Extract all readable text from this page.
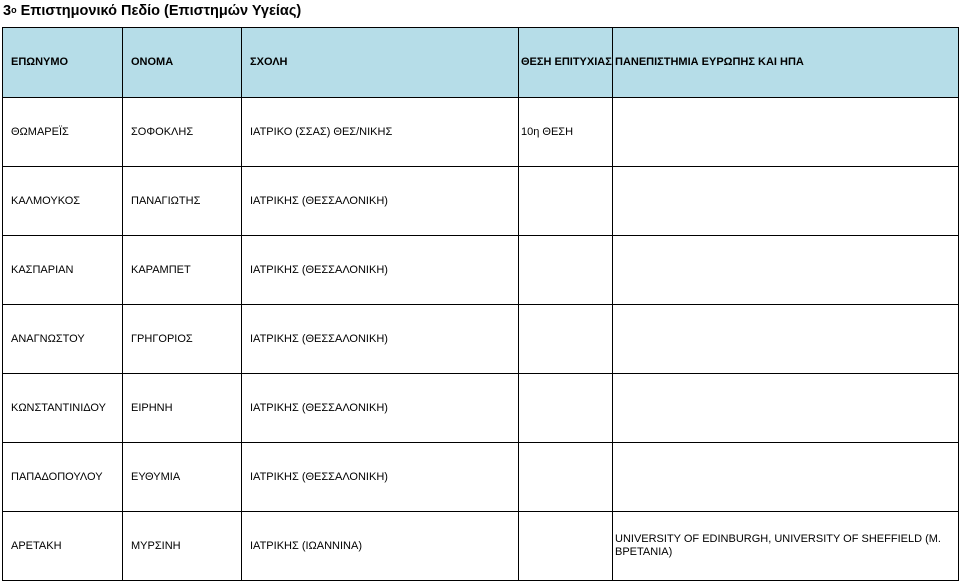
$3^o$ Επιστημονικό Πεδίο (Επιστημών Υγείας)
ΕΠΩΝΥΜΟ	ΟΝΟΜΑ	ΣΧΟΛΗ	ΘΕΣΗ ΕΠΙΤΥΧΙΑΣ	ΠΑΝΕΠΙΣΤΗΜΙΑ ΕΥΡΩΠΗΣ ΚΑΙ ΗΠΑ
ΘΩΜΑΡΕΪΣ	ΣΟΦΟΚΛΗΣ	ΙΑΤΡΙΚΟ (ΣΣΑΣ) ΘΕΣ/ΝΙΚΗΣ	10η ΘΕΣΗ	
ΚΑΛΜΟΥΚΟΣ	ΠΑΝΑΓΙΩΤΗΣ	ΙΑΤΡΙΚΗΣ (ΘΕΣΣΑΛΟΝΙΚΗ)		
ΚΑΣΠΑΡΙΑΝ	ΚΑΡΑΜΠΕΤ	ΙΑΤΡΙΚΗΣ (ΘΕΣΣΑΛΟΝΙΚΗ)		
ΑΝΑΓΝΩΣΤΟΥ	ΓΡΗΓΟΡΙΟΣ	ΙΑΤΡΙΚΗΣ (ΘΕΣΣΑΛΟΝΙΚΗ)		
ΚΩΝΣΤΑΝΤΙΝΙΔΟΥ	ΕΙΡΗΝΗ	ΙΑΤΡΙΚΗΣ (ΘΕΣΣΑΛΟΝΙΚΗ)		
ΠΑΠΑΔΟΠΟΥΛΟΥ	ΕΥΘΥΜΙΑ	ΙΑΤΡΙΚΗΣ (ΘΕΣΣΑΛΟΝΙΚΗ)		
ΑΡΕΤΑΚΗ	ΜΥΡΣΙΝΗ	ΙΑΤΡΙΚΗΣ (ΙΩΑΝΝΙΝΑ)		UNIVERSITY OF EDINBURGH, UNIVERSITY OF SHEFFIELD (Μ. ΒΡΕΤΑΝΙΑ)
